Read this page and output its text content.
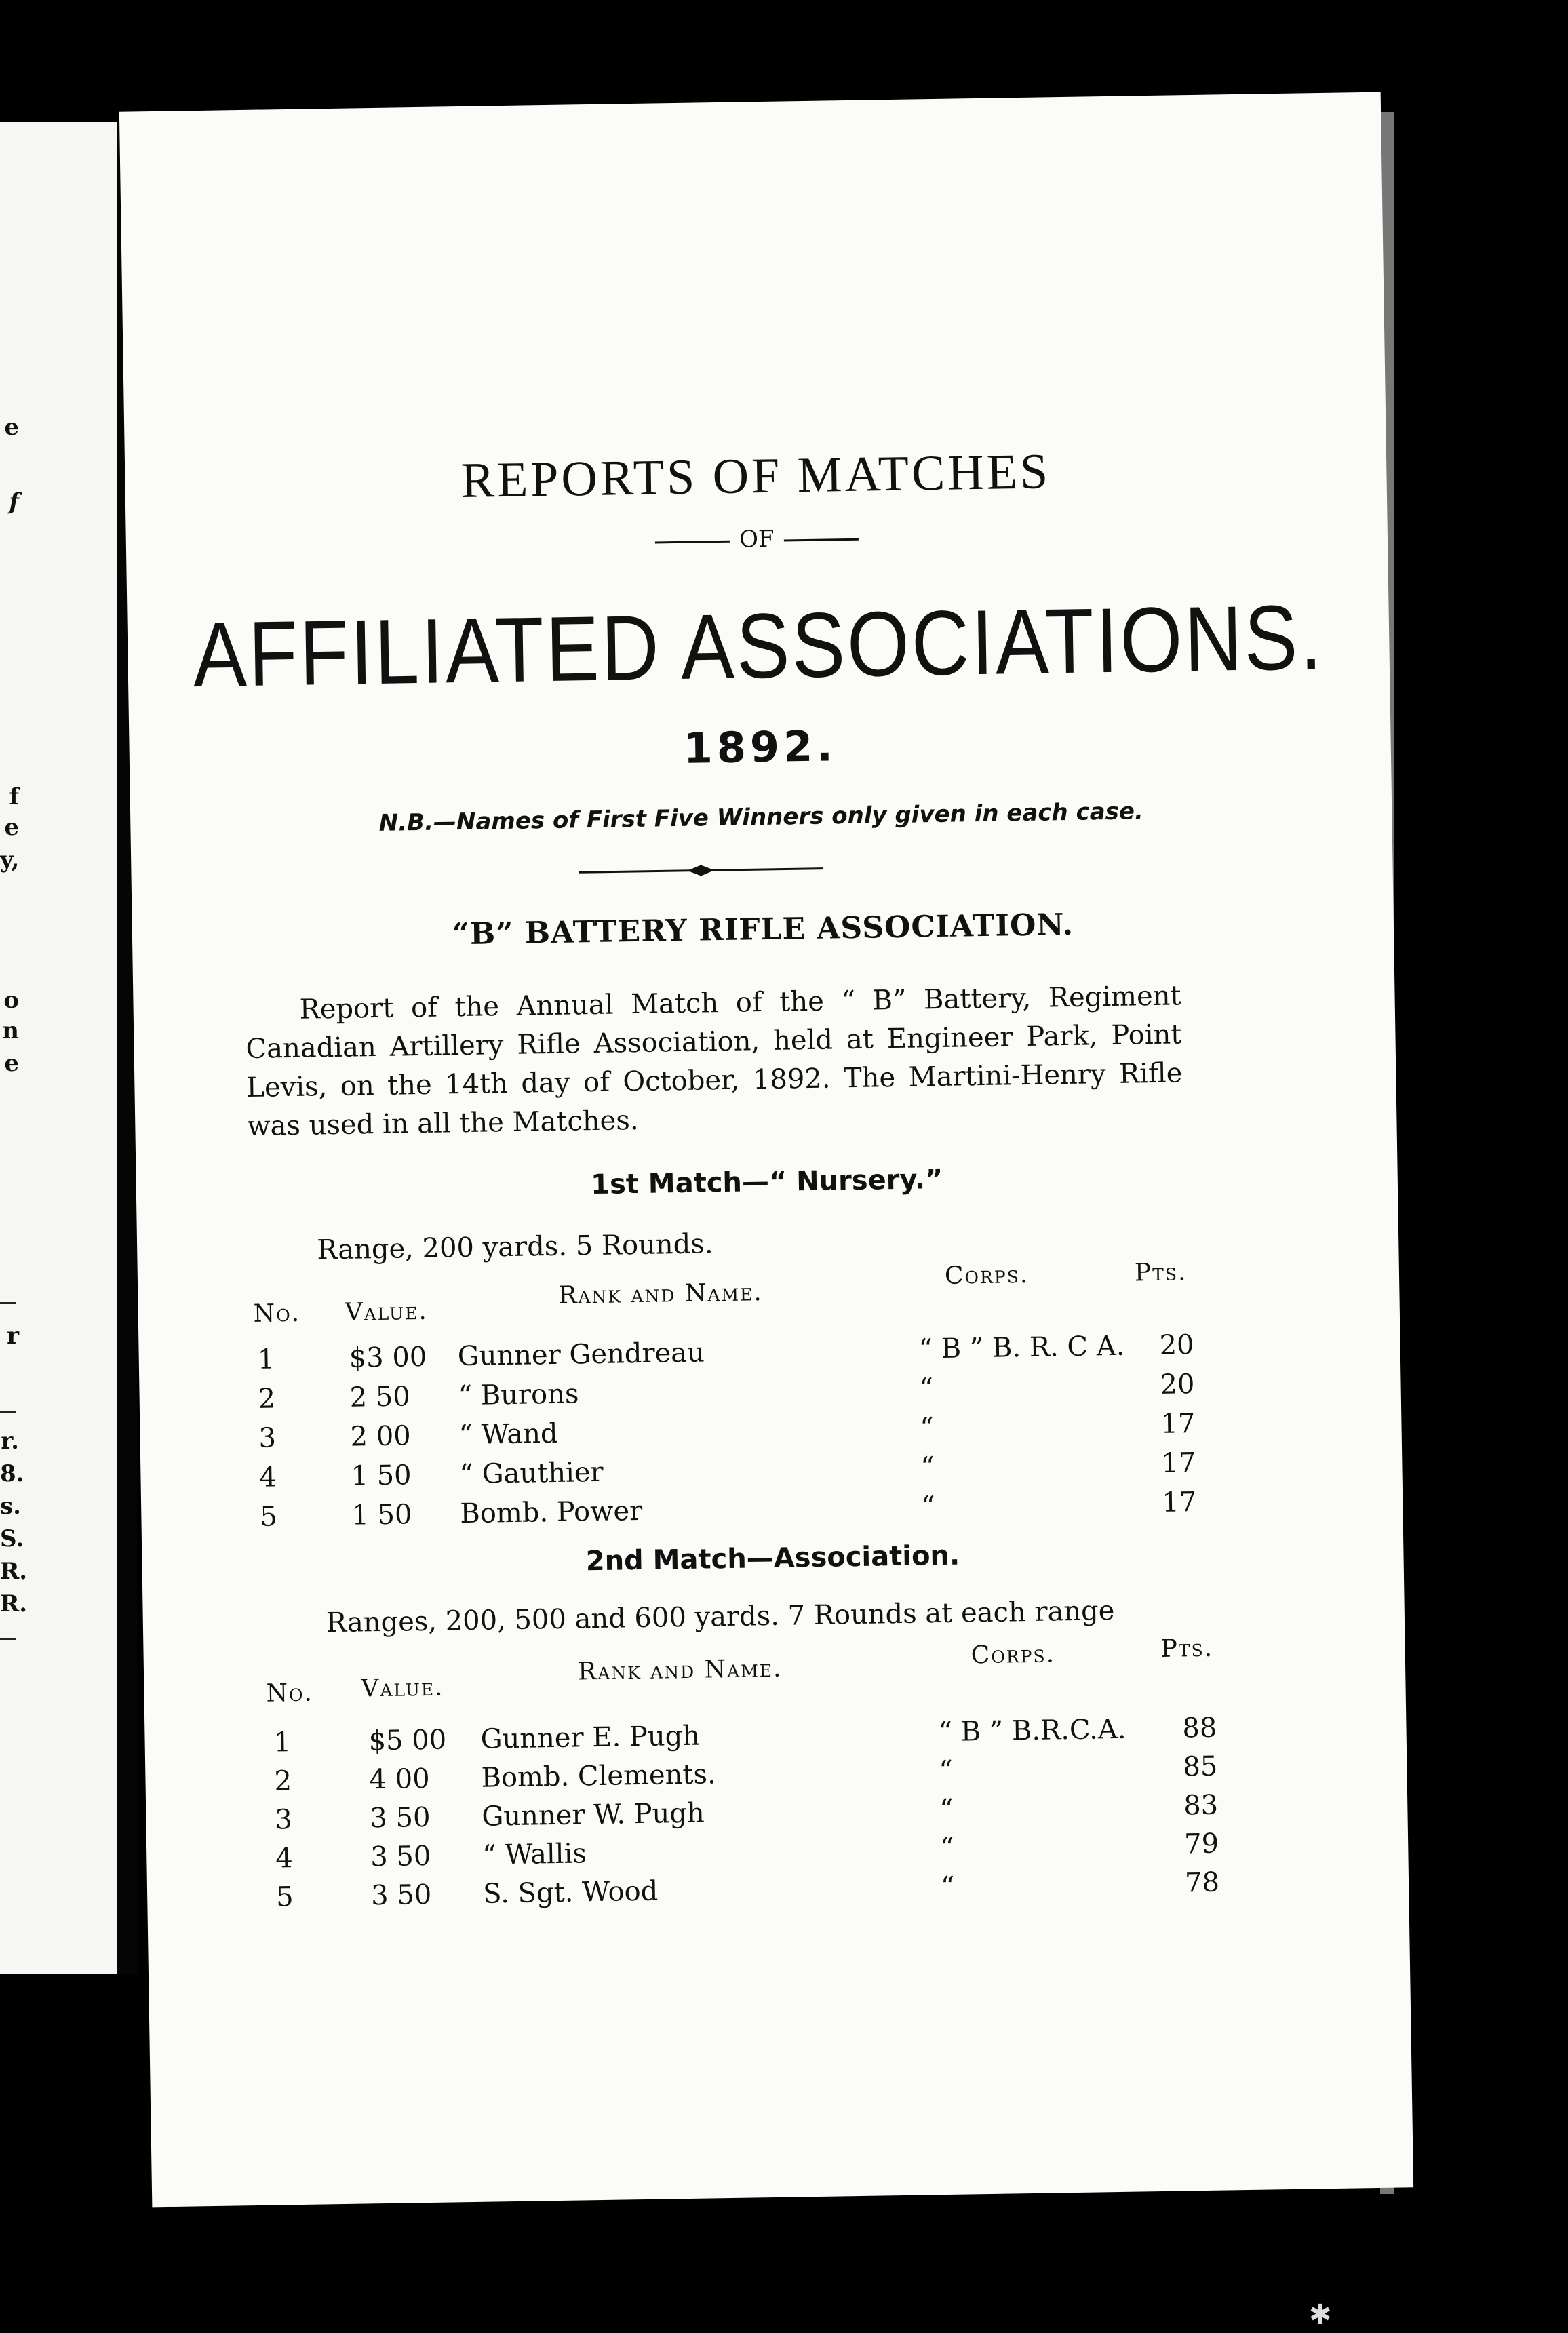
e
f
f
e
y,
o
n
e
r
r.
8.
s.
S.
R.
R.
REPORTS OF MATCHES
OF
AFFILIATED ASSOCIATIONS.
1892.
N.B.—Names of First Five Winners only given in each case.
“B” BATTERY RIFLE ASSOCIATION.

Report of the Annual Match of the “ B” Battery, Regiment Canadian Artillery Rifle Association, held at Engineer Park, Point Levis, on the 14th day of October, 1892. The Martini-Henry Rifle was used in all the Matches.

1st Match—“ Nursery.”
Range, 200 yards. 5 Rounds.
No. Value.
Rank and Name.
Corps.	Pts.
1	$3 00 Gunner Gendreau	“ B ” B. R. C A. 20
2	2 50 “ Burons	“	20
3	2 00 “ Wand	“	17
4	1 50 “ Gauthier	“	17
5	1 50 Bomb. Power	“	17
2nd Match—Association.
Ranges, 200, 500 and 600 yards. 7 Rounds at each range
No. Value.
Rank and Name.	Corps.	Pts.
1	$5 00 Gunner E. Pugh	“ B ” B.R.C.A. 88
2	4 00 Bomb. Clements.	“	85
3	3 50 Gunner W. Pugh	“	83
4	3 50 “ Wallis	“	79
5	3 50 S. Sgt. Wood	“	78
✱
